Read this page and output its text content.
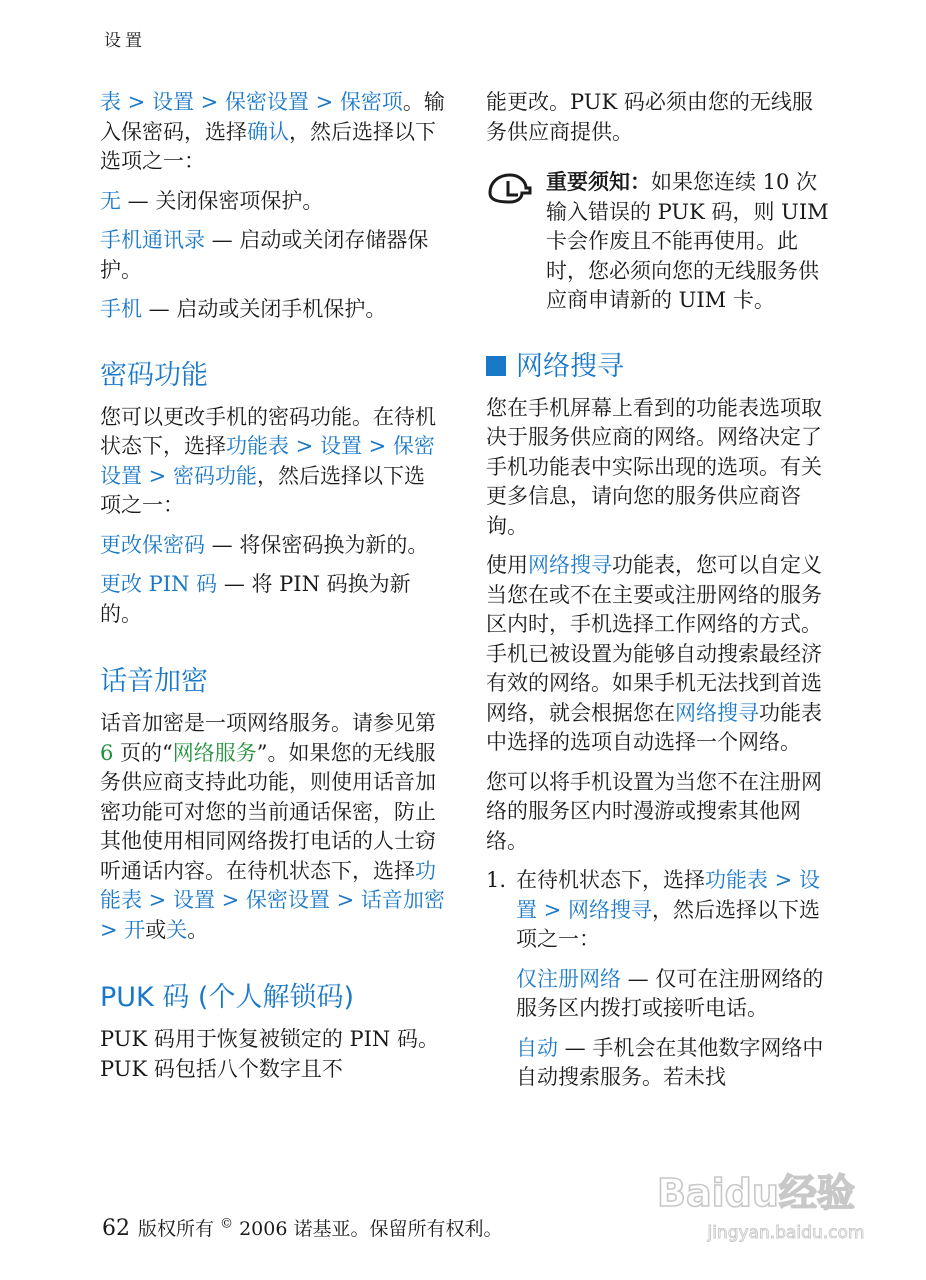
设置

表 > 设置 > 保密设置 > 保密项。输入保密码，选择确认，然后选择以下选项之一：

无 — 关闭保密项保护。

手机通讯录 — 启动或关闭存储器保护。

手机 — 启动或关闭手机保护。

密码功能

您可以更改手机的密码功能。在待机状态下，选择功能表 > 设置 > 保密设置 > 密码功能，然后选择以下选项之一：

更改保密码 — 将保密码换为新的。

更改 PIN 码 — 将 PIN 码换为新的。

话音加密

话音加密是一项网络服务。请参见第 6 页的“网络服务”。如果您的无线服务供应商支持此功能，则使用话音加密功能可对您的当前通话保密，防止其他使用相同网络拨打电话的人士窃听通话内容。在待机状态下，选择功能表 > 设置 > 保密设置 > 话音加密 > 开或关。

PUK 码 (个人解锁码)

PUK 码用于恢复被锁定的 PIN 码。PUK 码包括八个数字且不

能更改。PUK 码必须由您的无线服务供应商提供。

重要须知：如果您连续 10 次输入错误的 PUK 码，则 UIM 卡会作废且不能再使用。此时，您必须向您的无线服务供应商申请新的 UIM 卡。
网络搜寻

您在手机屏幕上看到的功能表选项取决于服务供应商的网络。网络决定了手机功能表中实际出现的选项。有关更多信息，请向您的服务供应商咨询。

使用网络搜寻功能表，您可以自定义当您在或不在主要或注册网络的服务区内时，手机选择工作网络的方式。手机已被设置为能够自动搜索最经济有效的网络。如果手机无法找到首选网络，就会根据您在网络搜寻功能表中选择的选项自动选择一个网络。

您可以将手机设置为当您不在注册网络的服务区内时漫游或搜索其他网络。

1. 在待机状态下，选择功能表 > 设置 > 网络搜寻，然后选择以下选项之一：

仅注册网络 — 仅可在注册网络的服务区内拨打或接听电话。

自动 — 手机会在其他数字网络中自动搜索服务。若未找

62 版权所有 © 2006 诺基亚。保留所有权利。
Baidu经验
jingyan.baidu.com
